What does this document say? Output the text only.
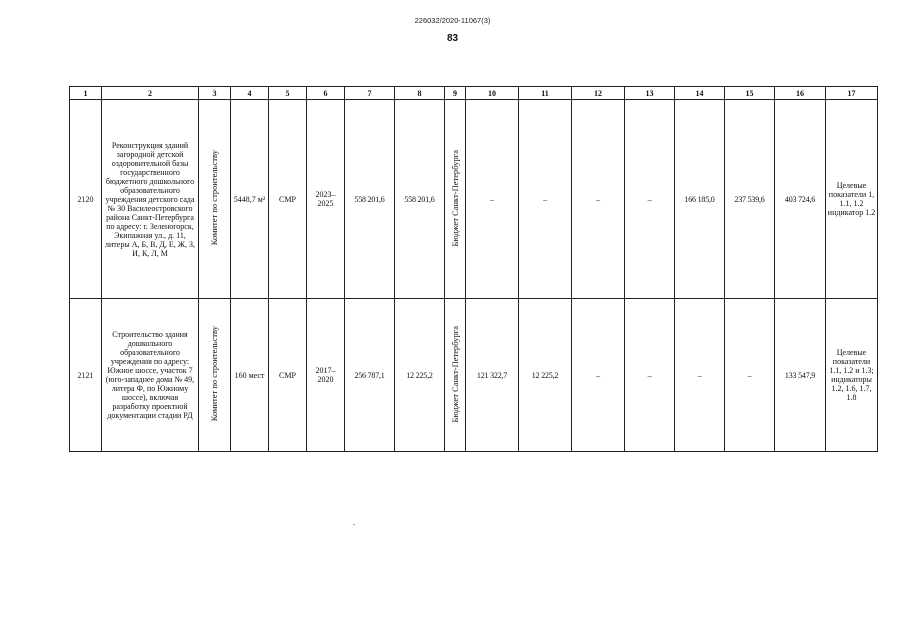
226032/2020-11067(3)
83
1	2	3	4	5	6	7	8	9	10	11	12	13	14	15	16	17
2120	Реконструкция зданий загородной детской оздоровительной базы государственного бюджетного дошкольного образовательного учреждения детского сада № 30 Василеостровского района Санкт-Петербурга по адресу: г. Зеленогорск, Экипажная ул., д. 11, литеры А, Б, В, Д, Е, Ж, З, И, К, Л, М	Комитет по строительству	5448,7 м²	СМР	2023–2025	558 201,6	558 201,6	Бюджет Санкт-Петербурга	–	–	–	–	166 185,0	237 539,6	403 724,6	Целевые показатели 1, 1.1, 1.2 индикатор 1.2
2121	Строительство здания дошкольного образовательного учреждения по адресу: Южное шоссе, участок 7 (юго-западнее дома № 49, литера Ф, по Южному шоссе), включая разработку проектной документации стадии РД	Комитет по строительству	160 мест	СМР	2017–2020	256 787,1	12 225,2	Бюджет Санкт-Петербурга	121 322,7	12 225,2	–	–	–	–	133 547,9	Целевые показатели 1.1, 1.2 и 1.3; индикаторы 1.2, 1.6, 1.7, 1.8
